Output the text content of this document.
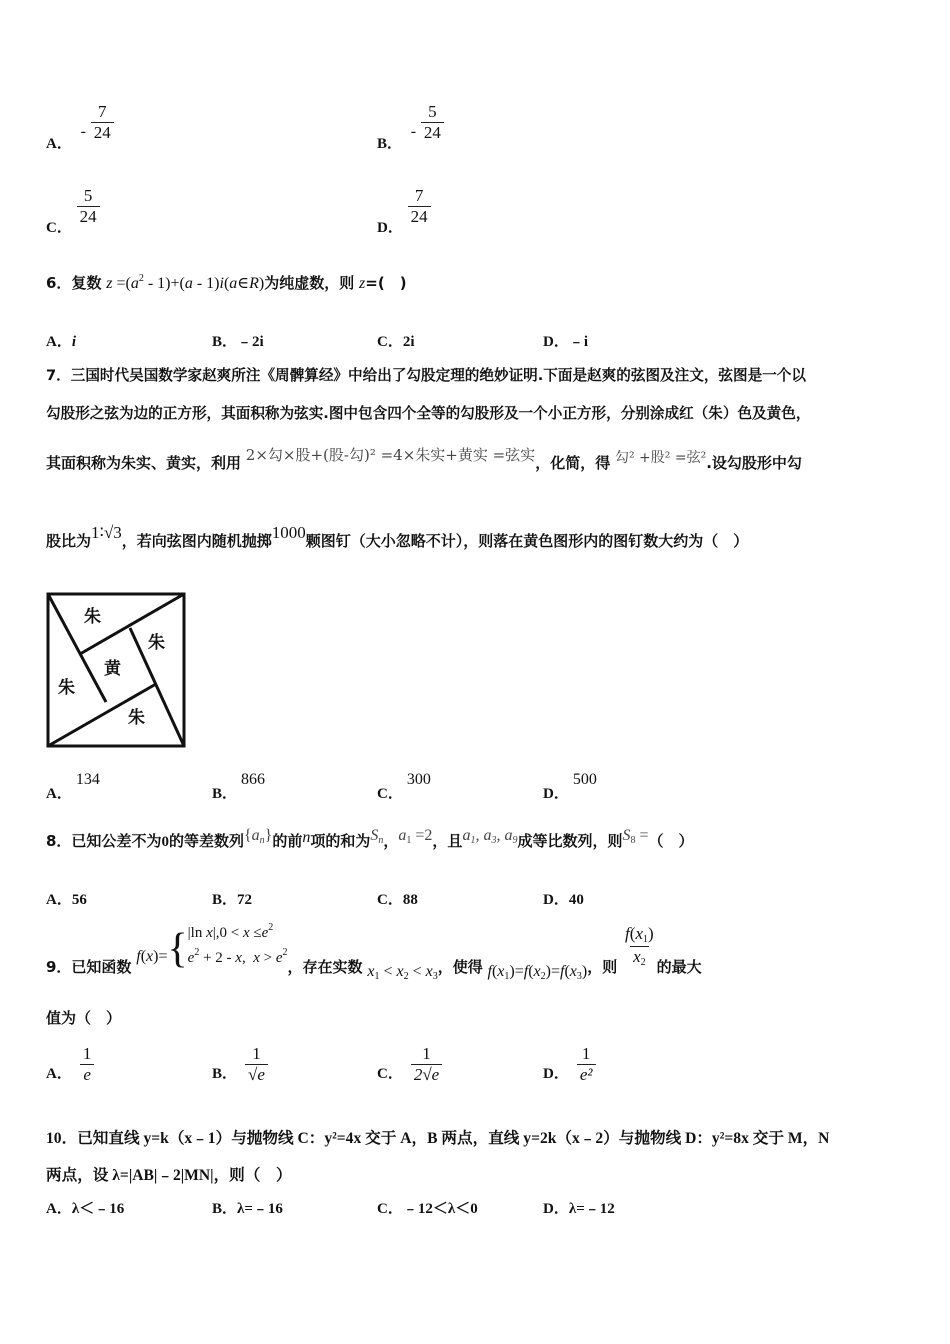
A． - $\frac{7}{24}$
B． - $\frac{5}{24}$
C．
$\frac{5}{24}$
D．
$\frac{7}{24}$
6．复数 $z =(a^2 - 1)+(a$ - 1)i(a∈R)为纯虚数，则 z=(　)
A．i	B．﹣2i	C．2i	D．﹣i
7．三国时代吴国数学家赵爽所注《周髀算经》中给出了勾股定理的绝妙证明.下面是赵爽的弦图及注文，弦图是一个以
勾股形之弦为边的正方形，其面积称为弦实.图中包含四个全等的勾股形及一个小正方形，分别涂成红（朱）色及黄色，
其面积称为朱实、黄实，利用 2×勾×股+(股-勾)² =4×朱实+黄实 =弦实，化简，得 勾² +股² =弦².设勾股形中勾
股比为1∶√3，若向弦图内随机抛掷1000颗图钉（大小忽略不计），则落在黄色图形内的图钉数大约为（　）
朱
朱
黄
朱
朱
A．134
B．866
C．300
D．500
8．已知公差不为0的等差数列$\{a_n\}$的前n项的和为$S_n$，$a_1 =2$，且$a_1$, $a_3$, $a_9$成等比数列，则$S_8$ =（　）
A．56	B．72	C．88	D．40
9．已知函数 f(x)={ |ln $x|,0 < x \le e^2$
$e^2 + 2 - x$,  $x > e^2$
，存在实数 $x_1 < x_2 < x_3$，使得 $f(x_1)=f(x_2)=f(x_3)$，则 $\frac{f(x_1)}{x_2}$ 的最大
值为（　）
A． $\frac{1}{e}$	B． $\frac{1}{√e}$	C． $\frac{1}{2√e}$	D． $\frac{1}{\text{e²}}$
10．已知直线 y=k（x﹣1）与抛物线 C：y²=4x 交于 A，B 两点，直线 y=2k（x﹣2）与抛物线 D：y²=8x 交于 M，N
两点，设 λ=|AB|﹣2|MN|，则（　）
A．λ＜﹣16	B．λ=﹣16	C．﹣12＜λ＜0	D．λ=﹣12
